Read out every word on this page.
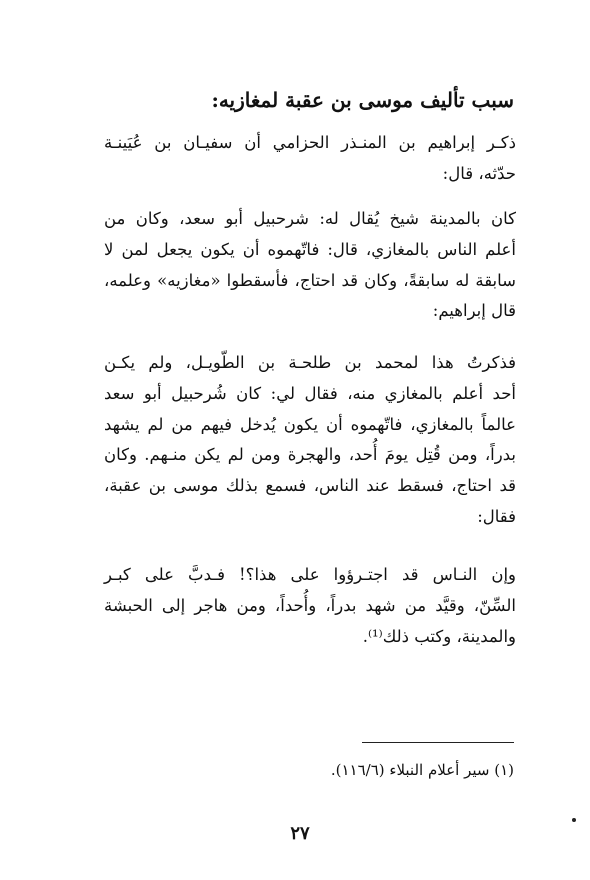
سبب تأليف موسى بن عقبة لمغازيه:
ذكـر إبراهيم بن المنـذر الحزامي أن سفيـان بن عُيَينـة
حدّثه، قال:
كان بالمدينة شيخ يُقال له: شرحبيل أبو سعد، وكان من
أعلم الناس بالمغازي، قال: فاتّهموه أن يكون يجعل لمن لا
سابقة له سابقةً، وكان قد احتاج، فأسقطوا «مغازيه» وعلمه،
قال إبراهيم:
فذكرتُ هذا لمحمد بن طلحـة بن الطّويـل، ولم يكـن
أحد أعلم بالمغازي منه، فقال لي: كان شُرحبيل أبو سعد
عالماً بالمغازي، فاتّهموه أن يكون يُدخل فيهم من لم يشهد
بدراً، ومن قُتِل يومَ أُحد، والهجرة ومن لم يكن منـهم. وكان
قد احتاج، فسقط عند الناس، فسمع بذلك موسى بن عقبة،
فقال:
وإن النـاس قد اجتـرؤوا على هذا؟! فـدبَّ على كبـر
السِّنّ، وقيَّد من شهد بدراً، وأُحداً، ومن هاجر إلى الحبشة
والمدينة، وكتب ذلك⁽¹⁾.
(١) سير أعلام النبلاء (١١٦/٦).
٢٧
